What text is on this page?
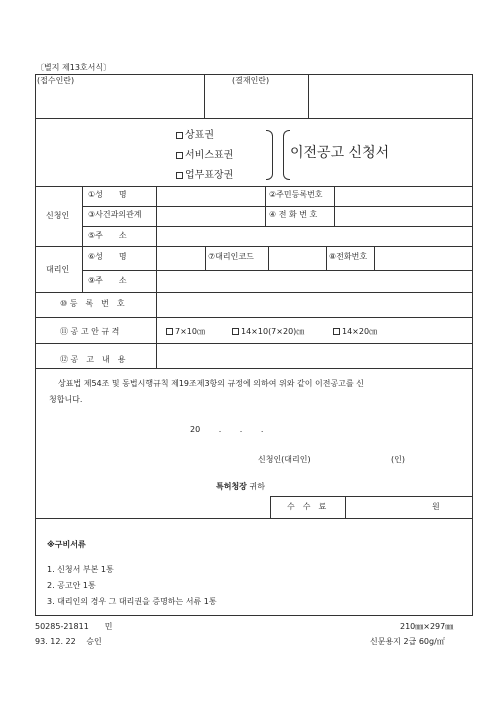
〔별지 제13호서식〕
(접수인란)	(결재인란)
상표권
서비스표권
업무표장권
이전공고 신청서
신청인
①성　　명	②주민등록번호
③사건과의관계	④ 전 화 번 호
⑤주　　소
대리인
⑥성　　명	⑦대리인코드	⑧전화번호
⑨주　　소
⑩ 등　록　번　호
⑪ 공 고 안 규 격	7×10㎝	14×10(7×20)㎝	14×20㎝
⑫ 공　고　내　용
상표법 제54조 및 동법시행규칙 제19조제3항의 규정에 의하여 위와 같이 이전공고를 신
청합니다.
20　　 .　　 .　　 .
신청인(대리인)	(인)
특허청장 귀하
수　수　료	원
※구비서류
1. 신청서 부본 1통
2. 공고안 1통
3. 대리인의 경우 그 대리권을 증명하는 서류 1통
50285-21811　　민
93. 12. 22　 승인
210㎜×297㎜
신문용지 2급 60g/㎡
